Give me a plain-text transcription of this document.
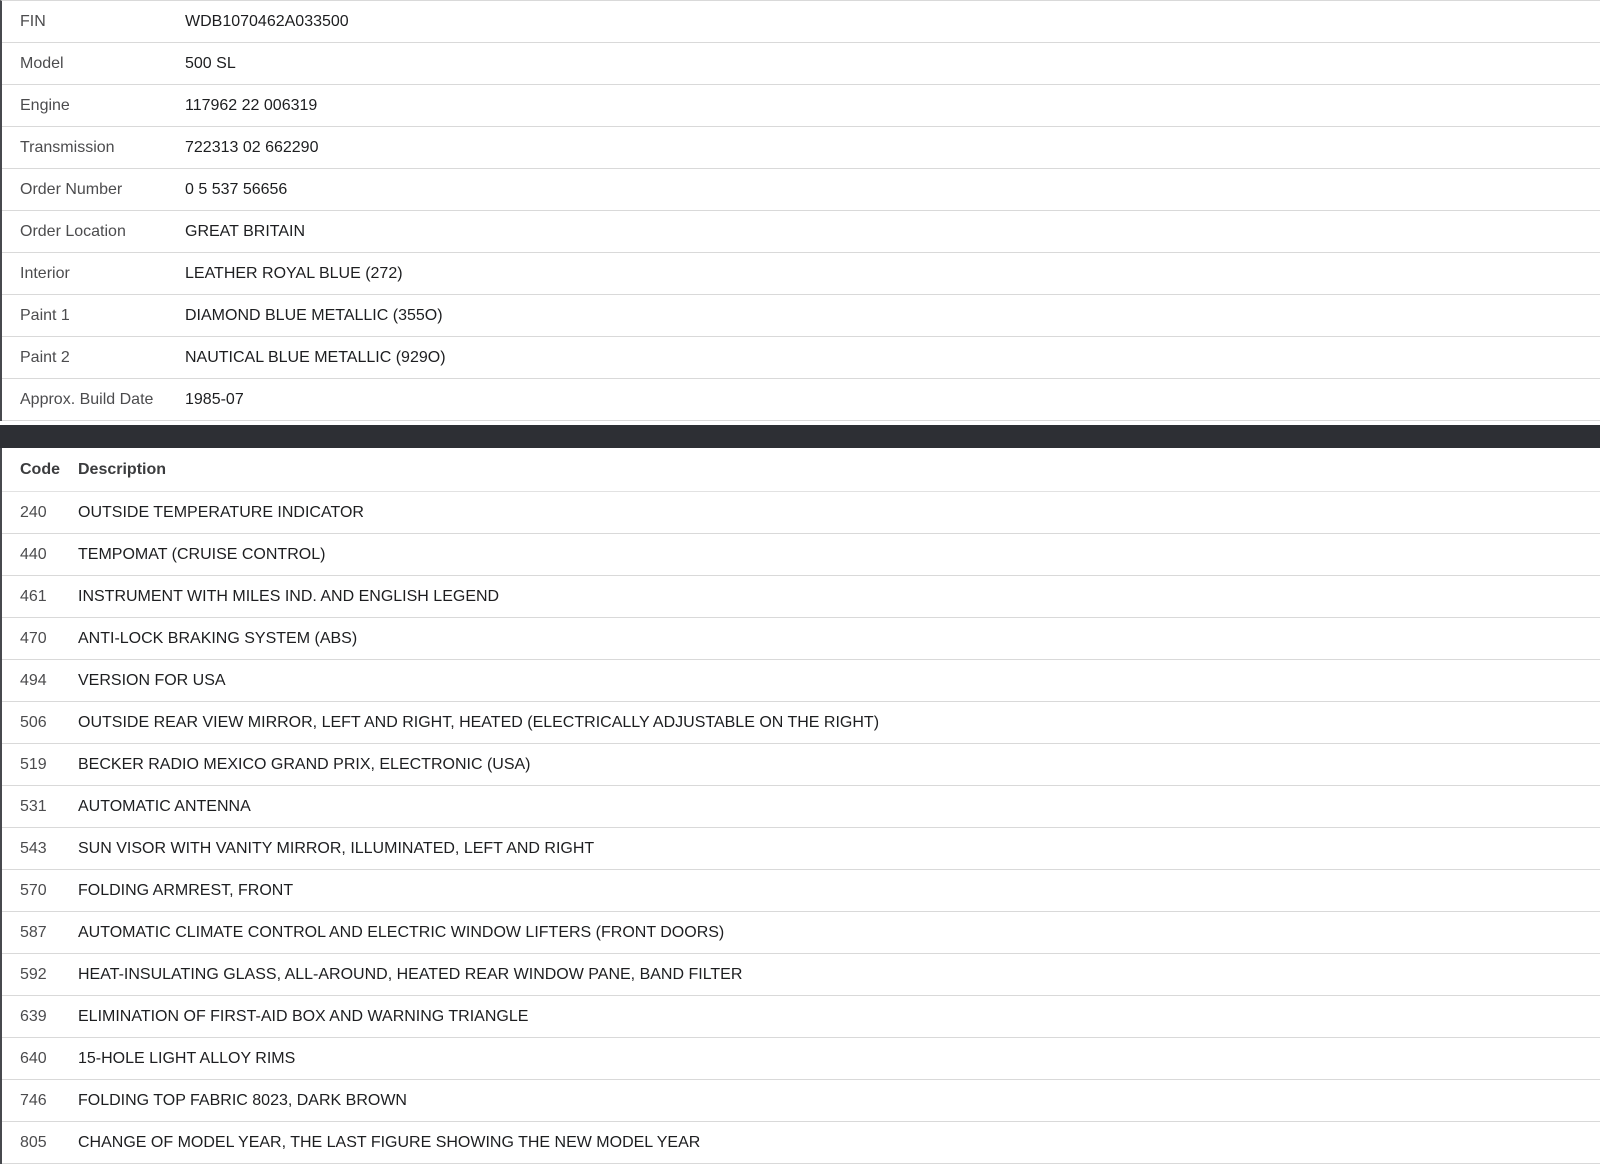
FIN	WDB1070462A033500
Model	500 SL
Engine	117962 22 006319
Transmission	722313 02 662290
Order Number	0 5 537 56656
Order Location	GREAT BRITAIN
Interior	LEATHER ROYAL BLUE (272)
Paint 1	DIAMOND BLUE METALLIC (355O)
Paint 2	NAUTICAL BLUE METALLIC (929O)
Approx. Build Date	1985-07
Code	Description
240	OUTSIDE TEMPERATURE INDICATOR
440	TEMPOMAT (CRUISE CONTROL)
461	INSTRUMENT WITH MILES IND. AND ENGLISH LEGEND
470	ANTI-LOCK BRAKING SYSTEM (ABS)
494	VERSION FOR USA
506	OUTSIDE REAR VIEW MIRROR, LEFT AND RIGHT, HEATED (ELECTRICALLY ADJUSTABLE ON THE RIGHT)
519	BECKER RADIO MEXICO GRAND PRIX, ELECTRONIC (USA)
531	AUTOMATIC ANTENNA
543	SUN VISOR WITH VANITY MIRROR, ILLUMINATED, LEFT AND RIGHT
570	FOLDING ARMREST, FRONT
587	AUTOMATIC CLIMATE CONTROL AND ELECTRIC WINDOW LIFTERS (FRONT DOORS)
592	HEAT-INSULATING GLASS, ALL-AROUND, HEATED REAR WINDOW PANE, BAND FILTER
639	ELIMINATION OF FIRST-AID BOX AND WARNING TRIANGLE
640	15-HOLE LIGHT ALLOY RIMS
746	FOLDING TOP FABRIC 8023, DARK BROWN
805	CHANGE OF MODEL YEAR, THE LAST FIGURE SHOWING THE NEW MODEL YEAR
